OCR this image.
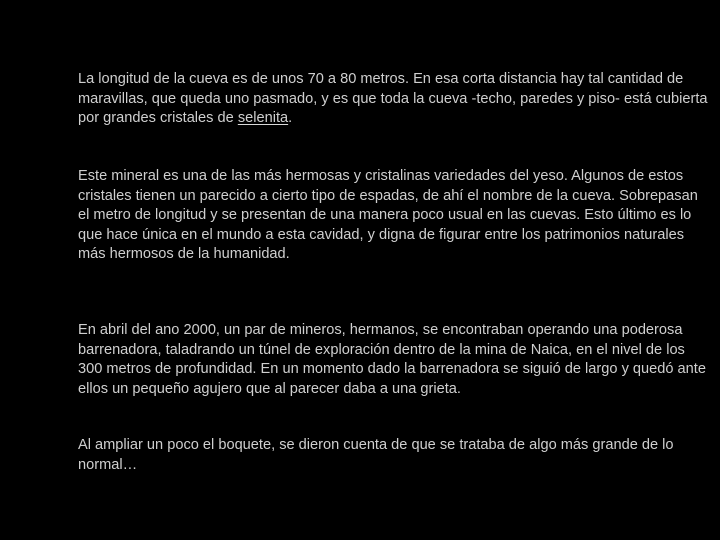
La longitud de la cueva es de unos 70 a 80 metros. En esa corta distancia hay tal cantidad de maravillas, que queda uno pasmado, y es que toda la cueva -techo, paredes y piso- está cubierta por grandes cristales de selenita.

Este mineral es una de las más hermosas y cristalinas variedades del yeso. Algunos de estos cristales tienen un parecido a cierto tipo de espadas, de ahí el nombre de la cueva. Sobrepasan el metro de longitud y se presentan de una manera poco usual en las cuevas. Esto último es lo que hace única en el mundo a esta cavidad, y digna de figurar entre los patrimonios naturales más hermosos de la humanidad.

En abril del ano 2000, un par de mineros, hermanos, se encontraban operando una poderosa barrenadora, taladrando un túnel de exploración dentro de la mina de Naica, en el nivel de los 300 metros de profundidad. En un momento dado la barrenadora se siguió de largo y quedó ante ellos un pequeño agujero que al parecer daba a una grieta.

Al ampliar un poco el boquete, se dieron cuenta de que se trataba de algo más grande de lo normal…
